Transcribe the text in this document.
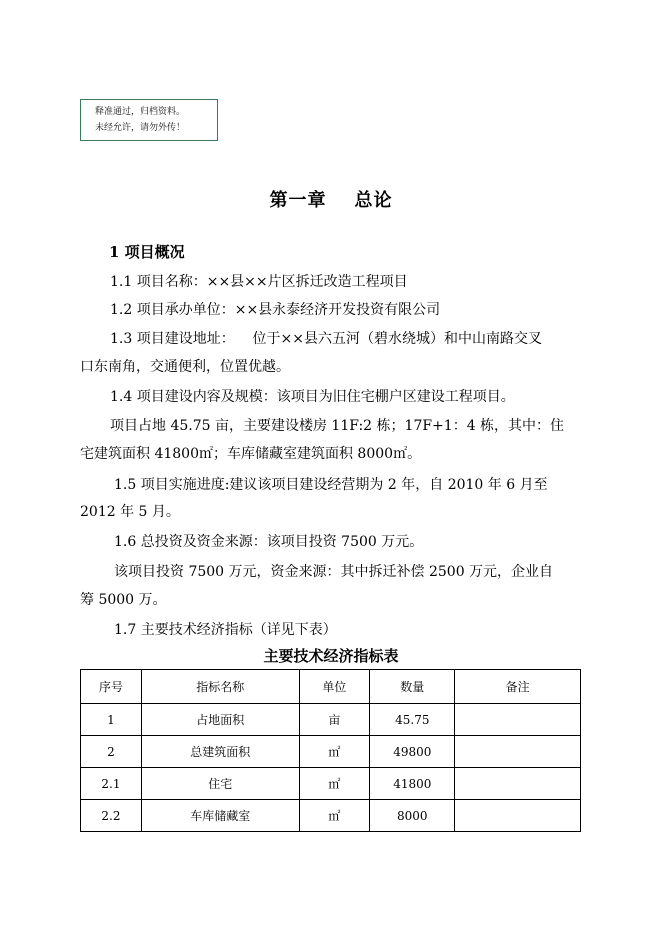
释准通过，归档资料。
未经允许，请勿外传！
第一章 总论
1 项目概况
1.1 项目名称：××县××片区拆迁改造工程项目
1.2 项目承办单位：××县永泰经济开发投资有限公司
1.3 项目建设地址：    位于××县六五河（碧水绕城）和中山南路交叉
口东南角，交通便利，位置优越。
1.4 项目建设内容及规模：该项目为旧住宅棚户区建设工程项目。
项目占地 45.75 亩，主要建设楼房 11F:2 栋；17F+1：4 栋，其中：住
宅建筑面积 41800㎡；车库储藏室建筑面积 8000㎡。
1.5 项目实施进度:建议该项目建设经营期为 2 年，自 2010 年 6 月至
2012 年 5 月。
1.6 总投资及资金来源：该项目投资 7500 万元。
该项目投资 7500 万元，资金来源：其中拆迁补偿 2500 万元，企业自
筹 5000 万。
1.7 主要技术经济指标（详见下表）
主要技术经济指标表
序号	指标名称	单位	数量	备注
1	占地面积	亩	45.75	
2	总建筑面积	㎡	49800	
2.1	住宅	㎡	41800	
2.2	车库储藏室	㎡	8000	
